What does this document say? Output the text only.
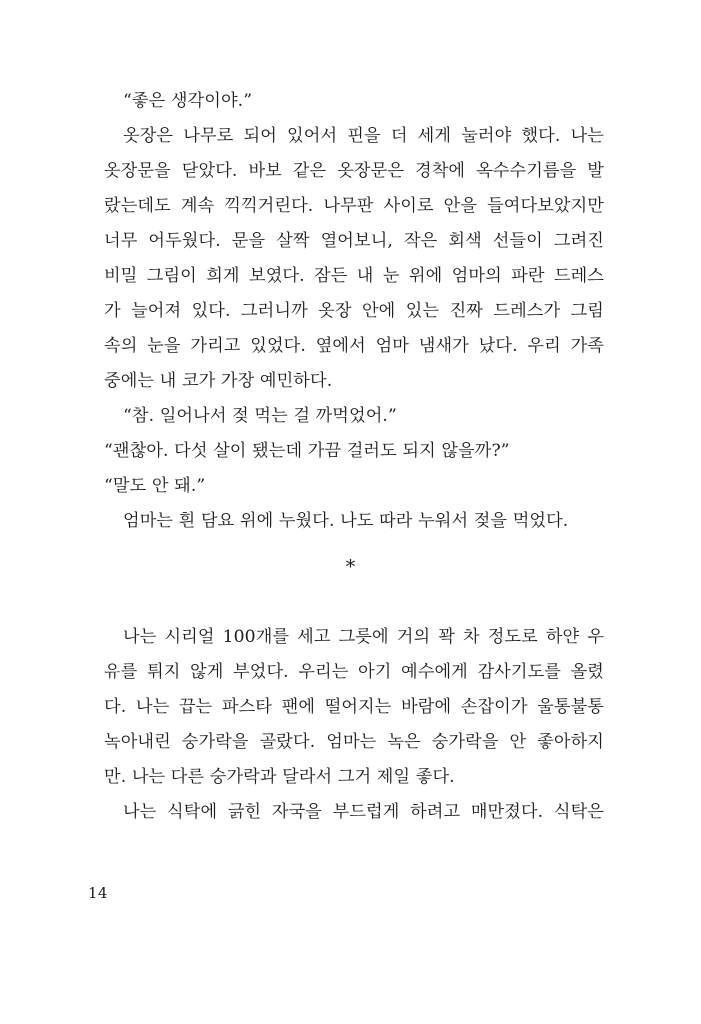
“좋은 생각이야.”
옷장은 나무로 되어 있어서 핀을 더 세게 눌러야 했다. 나는
옷장문을 닫았다. 바보 같은 옷장문은 경착에 옥수수기름을 발
랐는데도 계속 끽끽거린다. 나무판 사이로 안을 들여다보았지만
너무 어두웠다. 문을 살짝 열어보니, 작은 회색 선들이 그려진
비밀 그림이 희게 보였다. 잠든 내 눈 위에 엄마의 파란 드레스
가 늘어져 있다. 그러니까 옷장 안에 있는 진짜 드레스가 그림
속의 눈을 가리고 있었다. 옆에서 엄마 냄새가 났다. 우리 가족
중에는 내 코가 가장 예민하다.
“참. 일어나서 젖 먹는 걸 까먹었어.”
“괜찮아. 다섯 살이 됐는데 가끔 걸러도 되지 않을까?”
“말도 안 돼.”
엄마는 흰 담요 위에 누웠다. 나도 따라 누워서 젖을 먹었다.
*
나는 시리얼 100개를 세고 그릇에 거의 꽉 차 정도로 하얀 우
유를 튀지 않게 부었다. 우리는 아기 예수에게 감사기도를 올렸
다. 나는 끕는 파스타 팬에 떨어지는 바람에 손잡이가 울통불통
녹아내린 숭가락을 골랐다. 엄마는 녹은 숭가락을 안 좋아하지
만. 나는 다른 숭가락과 달라서 그거 제일 좋다.
나는 식탁에 긁힌 자국을 부드럽게 하려고 매만졌다. 식탁은
14
